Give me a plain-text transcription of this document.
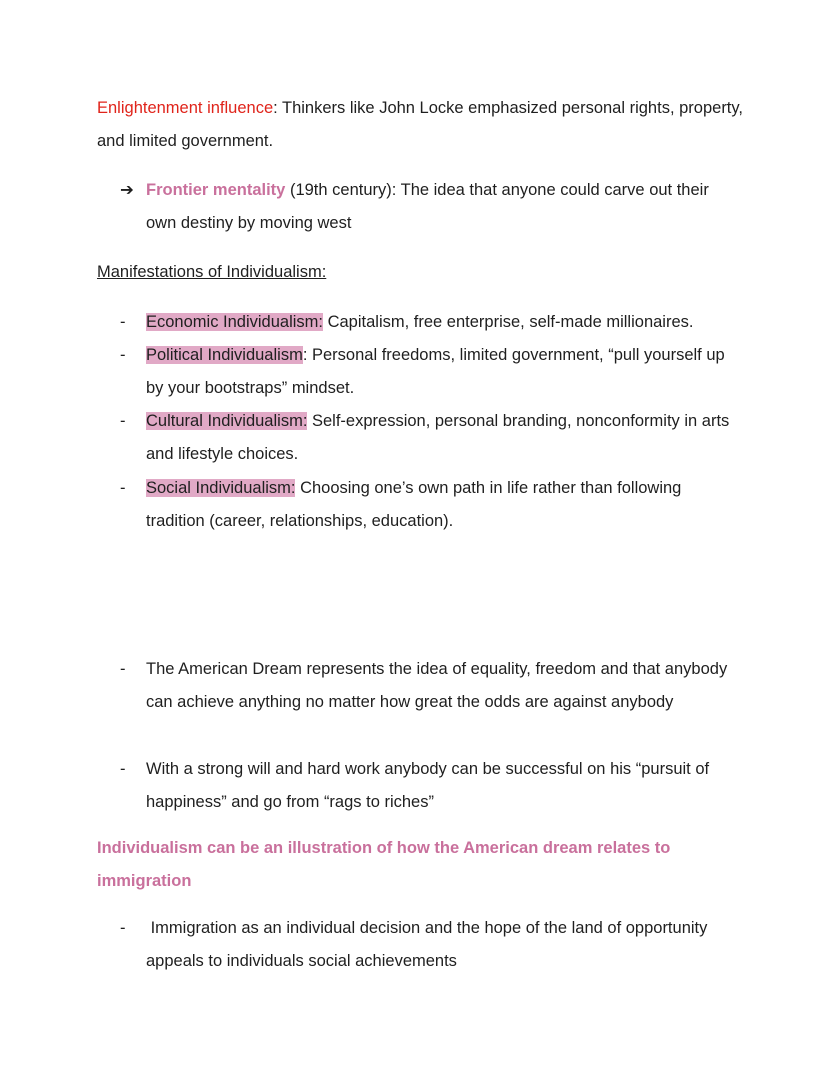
Enlightenment influence: Thinkers like John Locke emphasized personal rights, property, and limited government.

➔ Frontier mentality (19th century): The idea that anyone could carve out their own destiny by moving west

Manifestations of Individualism:

-	Economic Individualism: Capitalism, free enterprise, self-made millionaires.
-	Political Individualism: Personal freedoms, limited government, “pull yourself up by your bootstraps” mindset.
-	Cultural Individualism: Self-expression, personal branding, nonconformity in arts and lifestyle choices.
-	Social Individualism: Choosing one’s own path in life rather than following tradition (career, relationships, education).
-	The American Dream represents the idea of equality, freedom and that anybody can achieve anything no matter how great the odds are against anybody
-	With a strong will and hard work anybody can be successful on his “pursuit of happiness” and go from “rags to riches”

Individualism can be an illustration of how the American dream relates to immigration

-	Immigration as an individual decision and the hope of the land of opportunity appeals to individuals social achievements
